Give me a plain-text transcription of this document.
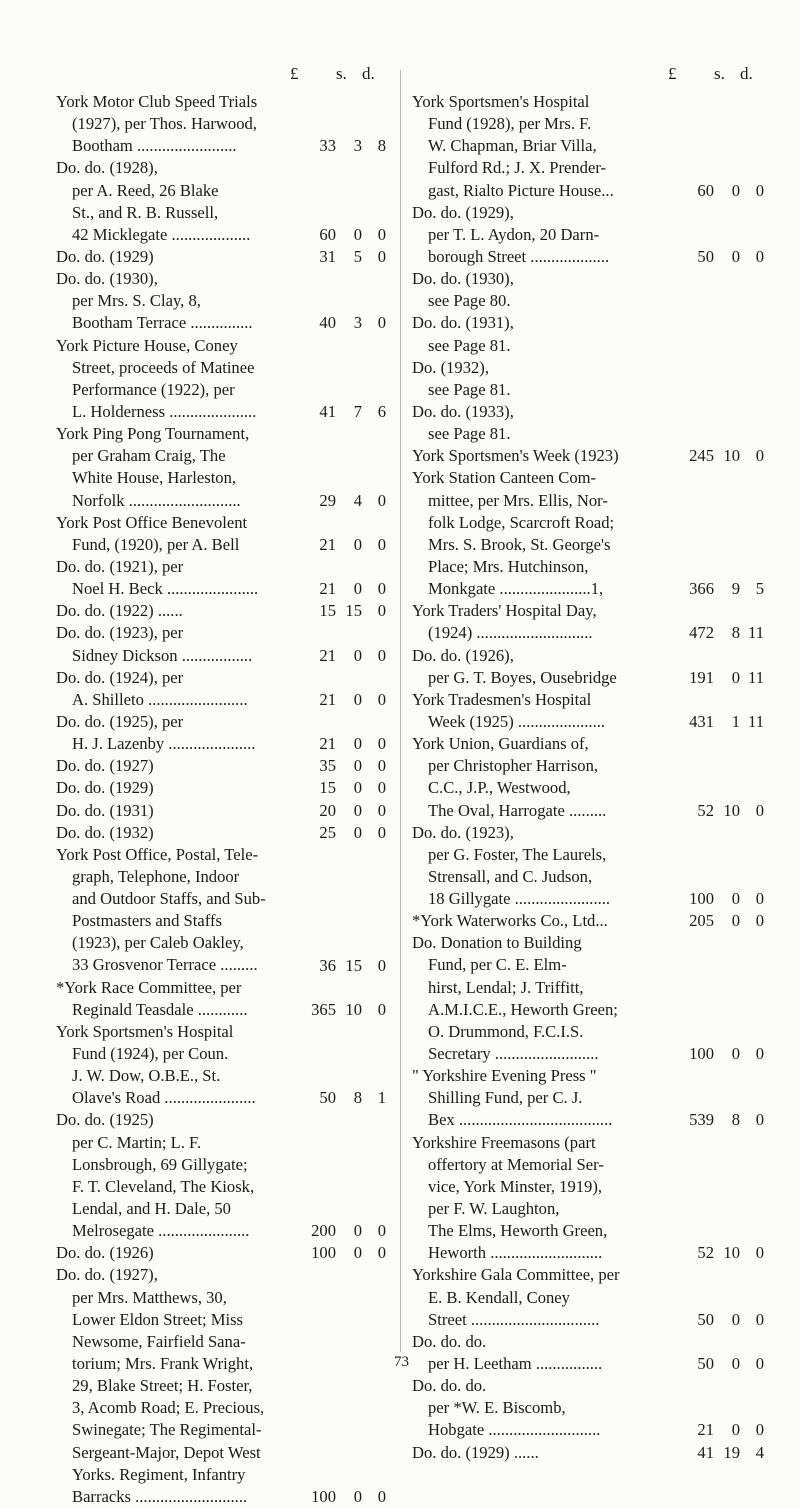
£	s. d.
York Motor Club Speed Trials
(1927), per Thos. Harwood,
Bootham ........................	33	3 8
Do. do. (1928),
per A. Reed, 26 Blake
St., and R. B. Russell,
42 Micklegate ...................	60	0 0
Do. do. (1929)	31	5 0
Do. do. (1930),
per Mrs. S. Clay, 8,
Bootham Terrace ...............	40	3 0
York Picture House, Coney
Street, proceeds of Matinee
Performance (1922), per
L. Holderness .....................	41	7 6
York Ping Pong Tournament,
per Graham Craig, The
White House, Harleston,
Norfolk ...........................	29	4 0
York Post Office Benevolent
Fund, (1920), per A. Bell	21	0 0
Do. do. (1921), per
Noel H. Beck ......................	21	0 0
Do. do. (1922) ......	15 15 0
Do. do. (1923), per
Sidney Dickson .................	21	0 0
Do. do. (1924), per
A. Shilleto ........................	21	0 0
Do. do. (1925), per
H. J. Lazenby .....................	21	0 0
Do. do. (1927)	35	0 0
Do. do. (1929)	15	0 0
Do. do. (1931)	20	0 0
Do. do. (1932)	25	0 0
York Post Office, Postal, Tele-
graph, Telephone, Indoor
and Outdoor Staffs, and Sub-
Postmasters and Staffs
(1923), per Caleb Oakley,
33 Grosvenor Terrace .........	36 15 0
*York Race Committee, per
Reginald Teasdale ............	365 10 0
York Sportsmen's Hospital
Fund (1924), per Coun.
J. W. Dow, O.B.E., St.
Olave's Road ......................	50	8 1
Do. do. (1925)
per C. Martin; L. F.
Lonsbrough, 69 Gillygate;
F. T. Cleveland, The Kiosk,
Lendal, and H. Dale, 50
Melrosegate ......................	200	0 0
Do. do. (1926)	100	0 0
Do. do. (1927),
per Mrs. Matthews, 30,
Lower Eldon Street; Miss
Newsome, Fairfield Sana-
torium; Mrs. Frank Wright,
29, Blake Street; H. Foster,
3, Acomb Road; E. Precious,
Swinegate; The Regimental-
Sergeant-Major, Depot West
Yorks. Regiment, Infantry
Barracks ...........................	100	0 0
£	s. d.
York Sportsmen's Hospital
Fund (1928), per Mrs. F.
W. Chapman, Briar Villa,
Fulford Rd.; J. X. Prender-
gast, Rialto Picture House...	60	0 0
Do. do. (1929),
per T. L. Aydon, 20 Darn-
borough Street ...................	50	0 0
Do. do. (1930),
see Page 80.
Do. do. (1931),
see Page 81.
Do. (1932),
see Page 81.
Do. do. (1933),
see Page 81.
York Sportsmen's Week (1923)	245 10 0
York Station Canteen Com-
mittee, per Mrs. Ellis, Nor-
folk Lodge, Scarcroft Road;
Mrs. S. Brook, St. George's
Place; Mrs. Hutchinson,
Monkgate ......................1,	366	9 5
York Traders' Hospital Day,
(1924) ............................	472	8 11
Do. do. (1926),
per G. T. Boyes, Ousebridge	191	0 11
York Tradesmen's Hospital
Week (1925) .....................	431	1 11
York Union, Guardians of,
per Christopher Harrison,
C.C., J.P., Westwood,
The Oval, Harrogate .........	52 10 0
Do. do. (1923),
per G. Foster, The Laurels,
Strensall, and C. Judson,
18 Gillygate .......................	100	0 0
*York Waterworks Co., Ltd...	205	0 0
Do. Donation to Building
Fund, per C. E. Elm-
hirst, Lendal; J. Triffitt,
A.M.I.C.E., Heworth Green;
O. Drummond, F.C.I.S.
Secretary .........................	100	0 0
" Yorkshire Evening Press "
Shilling Fund, per C. J.
Bex .....................................	539	8 0
Yorkshire Freemasons (part
offertory at Memorial Ser-
vice, York Minster, 1919),
per F. W. Laughton,
The Elms, Heworth Green,
Heworth ...........................	52 10 0
Yorkshire Gala Committee, per
E. B. Kendall, Coney
Street ...............................	50	0 0
Do. do. do.
per H. Leetham ................	50	0 0
Do. do. do.
per *W. E. Biscomb,
Hobgate ...........................	21	0 0
Do. do. (1929) ......	41 19 4
73
